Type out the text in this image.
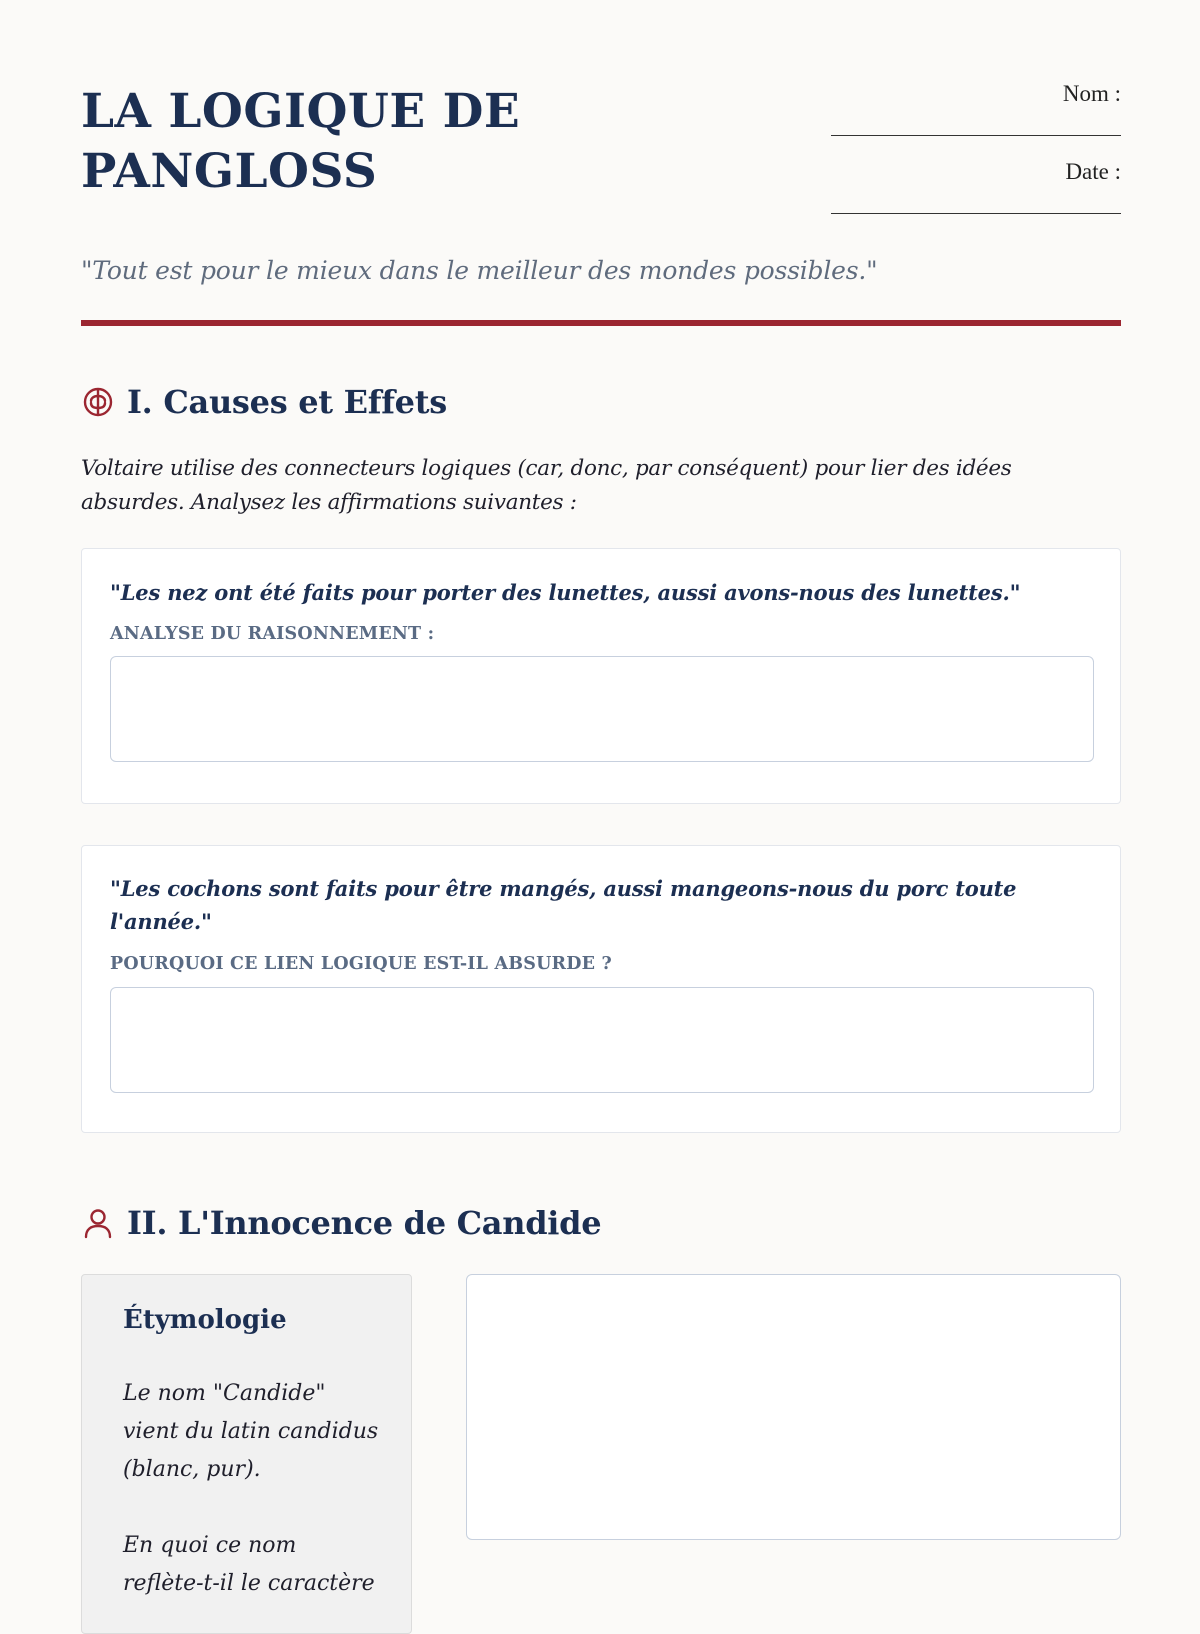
LA LOGIQUE DE
PANGLOSS
Nom :
Date :

"Tout est pour le mieux dans le meilleur des mondes possibles."

I. Causes et Effets

Voltaire utilise des connecteurs logiques (car, donc, par conséquent) pour lier des idées absurdes. Analysez les affirmations suivantes :

"Les nez ont été faits pour porter des lunettes, aussi avons-nous des lunettes."

ANALYSE DU RAISONNEMENT :

"Les cochons sont faits pour être mangés, aussi mangeons-nous du porc toute l'année."

POURQUOI CE LIEN LOGIQUE EST-IL ABSURDE ?

II. L'Innocence de Candide
Étymologie

Le nom "Candide" vient du latin candidus (blanc, pur).

En quoi ce nom reflète-t-il le caractère
